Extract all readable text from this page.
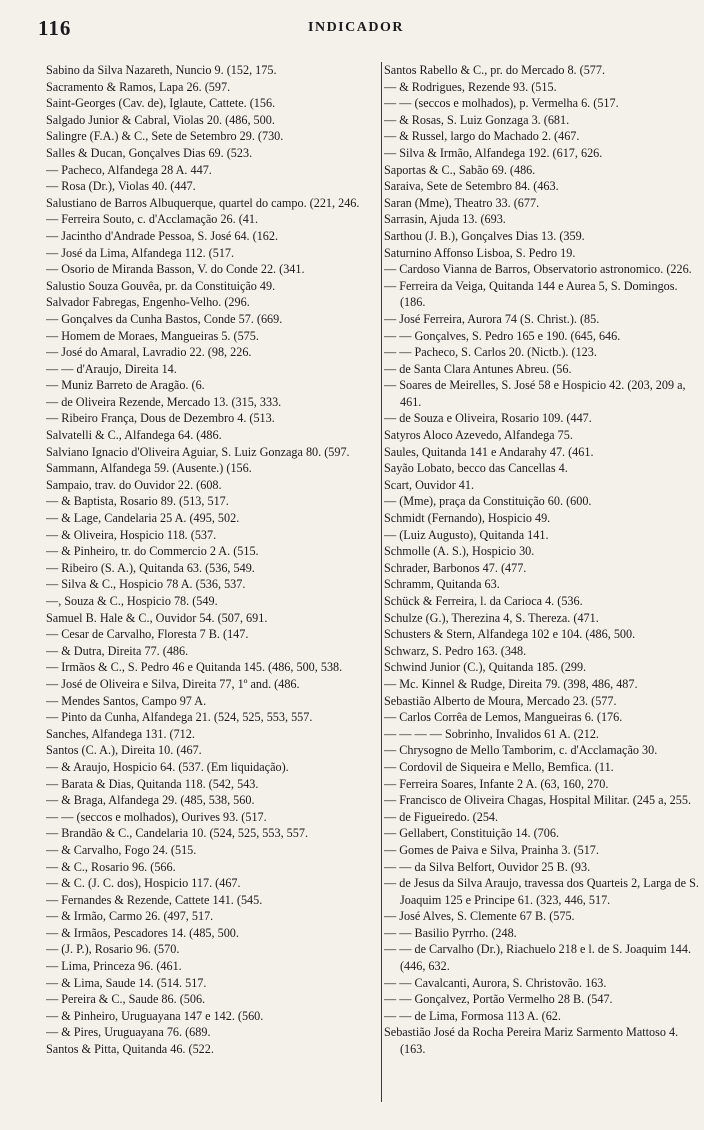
116	INDICADOR
Sabino da Silva Nazareth, Nuncio 9. (152, 175.
Sacramento & Ramos, Lapa 26. (597.
Saint-Georges (Cav. de), Iglaute, Cattete. (156.
Salgado Junior & Cabral, Violas 20. (486, 500.
Salingre (F.A.) & C., Sete de Setembro 29. (730.
Salles & Ducan, Gonçalves Dias 69. (523.
— Pacheco, Alfandega 28 A. 447.
— Rosa (Dr.), Violas 40. (447.
Salustiano de Barros Albuquerque, quartel do campo. (221, 246.
— Ferreira Souto, c. d'Acclamação 26. (41.
— Jacintho d'Andrade Pessoa, S. José 64. (162.
— José da Lima, Alfandega 112. (517.
— Osorio de Miranda Basson, V. do Conde 22. (341.
Salustio Souza Gouvêa, pr. da Constituição 49.
Salvador Fabregas, Engenho-Velho. (296.
— Gonçalves da Cunha Bastos, Conde 57. (669.
— Homem de Moraes, Mangueiras 5. (575.
— José do Amaral, Lavradio 22. (98, 226.
— — d'Araujo, Direita 14.
— Muniz Barreto de Aragão. (6.
— de Oliveira Rezende, Mercado 13. (315, 333.
— Ribeiro França, Dous de Dezembro 4. (513.
Salvatelli & C., Alfandega 64. (486.
Salviano Ignacio d'Oliveira Aguiar, S. Luiz Gonzaga 80. (597.
Sammann, Alfandega 59. (Ausente.) (156.
Sampaio, trav. do Ouvidor 22. (608.
— & Baptista, Rosario 89. (513, 517.
— & Lage, Candelaria 25 A. (495, 502.
— & Oliveira, Hospicio 118. (537.
— & Pinheiro, tr. do Commercio 2 A. (515.
— Ribeiro (S. A.), Quitanda 63. (536, 549.
— Silva & C., Hospicio 78 A. (536, 537.
—, Souza & C., Hospicio 78. (549.
Samuel B. Hale & C., Ouvidor 54. (507, 691.
— Cesar de Carvalho, Floresta 7 B. (147.
— & Dutra, Direita 77. (486.
— Irmãos & C., S. Pedro 46 e Quitanda 145. (486, 500, 538.
— José de Oliveira e Silva, Direita 77, 1º and. (486.
— Mendes Santos, Campo 97 A.
— Pinto da Cunha, Alfandega 21. (524, 525, 553, 557.
Sanches, Alfandega 131. (712.
Santos (C. A.), Direita 10. (467.
— & Araujo, Hospicio 64. (537. (Em liquidação).
— Barata & Dias, Quitanda 118. (542, 543.
— & Braga, Alfandega 29. (485, 538, 560.
— — (seccos e molhados), Ourives 93. (517.
— Brandão & C., Candelaria 10. (524, 525, 553, 557.
— & Carvalho, Fogo 24. (515.
— & C., Rosario 96. (566.
— & C. (J. C. dos), Hospicio 117. (467.
— Fernandes & Rezende, Cattete 141. (545.
— & Irmão, Carmo 26. (497, 517.
— & Irmãos, Pescadores 14. (485, 500.
— (J. P.), Rosario 96. (570.
— Lima, Princeza 96. (461.
— & Lima, Saude 14. (514. 517.
— Pereira & C., Saude 86. (506.
— & Pinheiro, Uruguayana 147 e 142. (560.
— & Pires, Uruguayana 76. (689.
Santos & Pitta, Quitanda 46. (522.
Santos Rabello & C., pr. do Mercado 8. (577.
— & Rodrigues, Rezende 93. (515.
— — (seccos e molhados), p. Vermelha 6. (517.
— & Rosas, S. Luiz Gonzaga 3. (681.
— & Russel, largo do Machado 2. (467.
— Silva & Irmão, Alfandega 192. (617, 626.
Saportas & C., Sabão 69. (486.
Saraiva, Sete de Setembro 84. (463.
Saran (Mme), Theatro 33. (677.
Sarrasin, Ajuda 13. (693.
Sarthou (J. B.), Gonçalves Dias 13. (359.
Saturnino Affonso Lisboa, S. Pedro 19.
— Cardoso Vianna de Barros, Observatorio astronomico. (226.
— Ferreira da Veiga, Quitanda 144 e Aurea 5, S. Domingos. (186.
— José Ferreira, Aurora 74 (S. Christ.). (85.
— — Gonçalves, S. Pedro 165 e 190. (645, 646.
— — Pacheco, S. Carlos 20. (Nictb.). (123.
— de Santa Clara Antunes Abreu. (56.
— Soares de Meirelles, S. José 58 e Hospicio 42. (203, 209 a, 461.
— de Souza e Oliveira, Rosario 109. (447.
Satyros Aloco Azevedo, Alfandega 75.
Saules, Quitanda 141 e Andarahy 47. (461.
Sayão Lobato, becco das Cancellas 4.
Scart, Ouvidor 41.
— (Mme), praça da Constituição 60. (600.
Schmidt (Fernando), Hospicio 49.
— (Luiz Augusto), Quitanda 141.
Schmolle (A. S.), Hospicio 30.
Schrader, Barbonos 47. (477.
Schramm, Quitanda 63.
Schück & Ferreira, l. da Carioca 4. (536.
Schulze (G.), Therezina 4, S. Thereza. (471.
Schusters & Stern, Alfandega 102 e 104. (486, 500.
Schwarz, S. Pedro 163. (348.
Schwind Junior (C.), Quitanda 185. (299.
— Mc. Kinnel & Rudge, Direita 79. (398, 486, 487.
Sebastião Alberto de Moura, Mercado 23. (577.
— Carlos Corrêa de Lemos, Mangueiras 6. (176.
— — — — Sobrinho, Invalidos 61 A. (212.
— Chrysogno de Mello Tamborim, c. d'Acclamação 30.
— Cordovil de Siqueira e Mello, Bemfica. (11.
— Ferreira Soares, Infante 2 A. (63, 160, 270.
— Francisco de Oliveira Chagas, Hospital Militar. (245 a, 255.
— de Figueiredo. (254.
— Gellabert, Constituição 14. (706.
— Gomes de Paiva e Silva, Prainha 3. (517.
— — da Silva Belfort, Ouvidor 25 B. (93.
— de Jesus da Silva Araujo, travessa dos Quarteis 2, Larga de S. Joaquim 125 e Principe 61. (323, 446, 517.
— José Alves, S. Clemente 67 B. (575.
— — Basilio Pyrrho. (248.
— — de Carvalho (Dr.), Riachuelo 218 e l. de S. Joaquim 144. (446, 632.
— — Cavalcanti, Aurora, S. Christovão. 163.
— — Gonçalvez, Portão Vermelho 28 B. (547.
— — de Lima, Formosa 113 A. (62.
Sebastião José da Rocha Pereira Mariz Sarmento Mattoso 4. (163.
